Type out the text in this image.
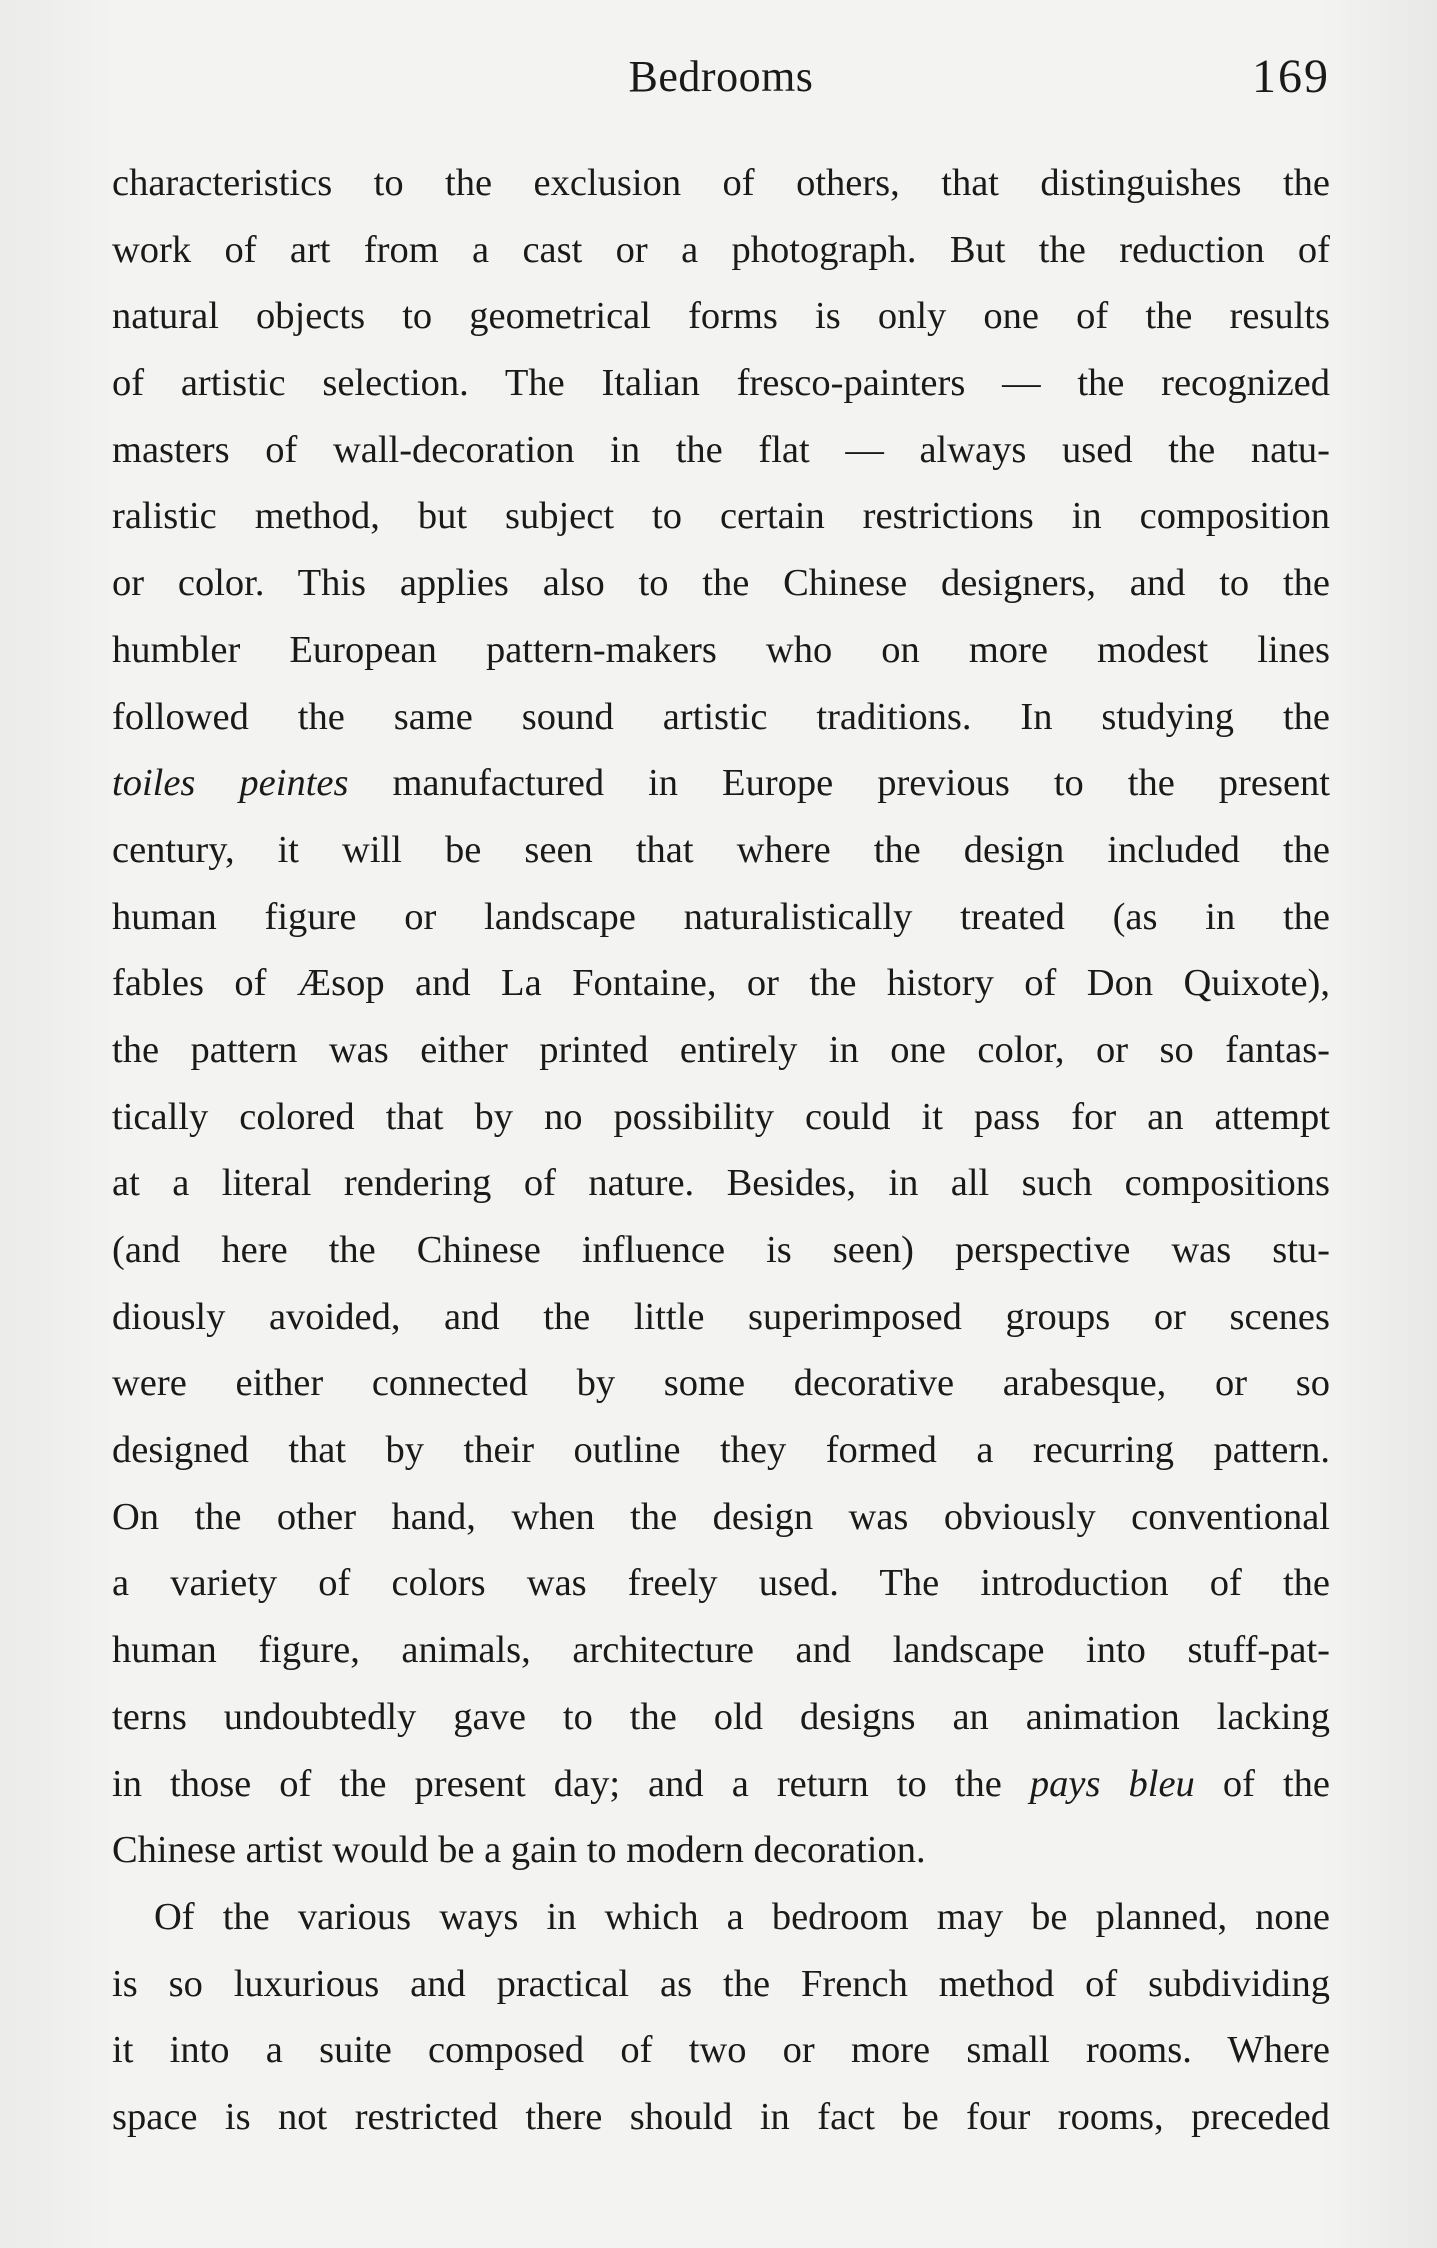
Bedrooms	169
characteristics to the exclusion of others, that distinguishes the
work of art from a cast or a photograph. But the reduction of
natural objects to geometrical forms is only one of the results
of artistic selection. The Italian fresco-painters — the recognized
masters of wall-decoration in the flat — always used the natu-
ralistic method, but subject to certain restrictions in composition
or color. This applies also to the Chinese designers, and to the
humbler European pattern-makers who on more modest lines
followed the same sound artistic traditions. In studying the
toiles peintes manufactured in Europe previous to the present
century, it will be seen that where the design included the
human figure or landscape naturalistically treated (as in the
fables of Æsop and La Fontaine, or the history of Don Quixote),
the pattern was either printed entirely in one color, or so fantas-
tically colored that by no possibility could it pass for an attempt
at a literal rendering of nature. Besides, in all such compositions
(and here the Chinese influence is seen) perspective was stu-
diously avoided, and the little superimposed groups or scenes
were either connected by some decorative arabesque, or so
designed that by their outline they formed a recurring pattern.
On the other hand, when the design was obviously conventional
a variety of colors was freely used. The introduction of the
human figure, animals, architecture and landscape into stuff-pat-
terns undoubtedly gave to the old designs an animation lacking
in those of the present day; and a return to the pays bleu of the
Chinese artist would be a gain to modern decoration.
Of the various ways in which a bedroom may be planned, none
is so luxurious and practical as the French method of subdividing
it into a suite composed of two or more small rooms. Where
space is not restricted there should in fact be four rooms, preceded
